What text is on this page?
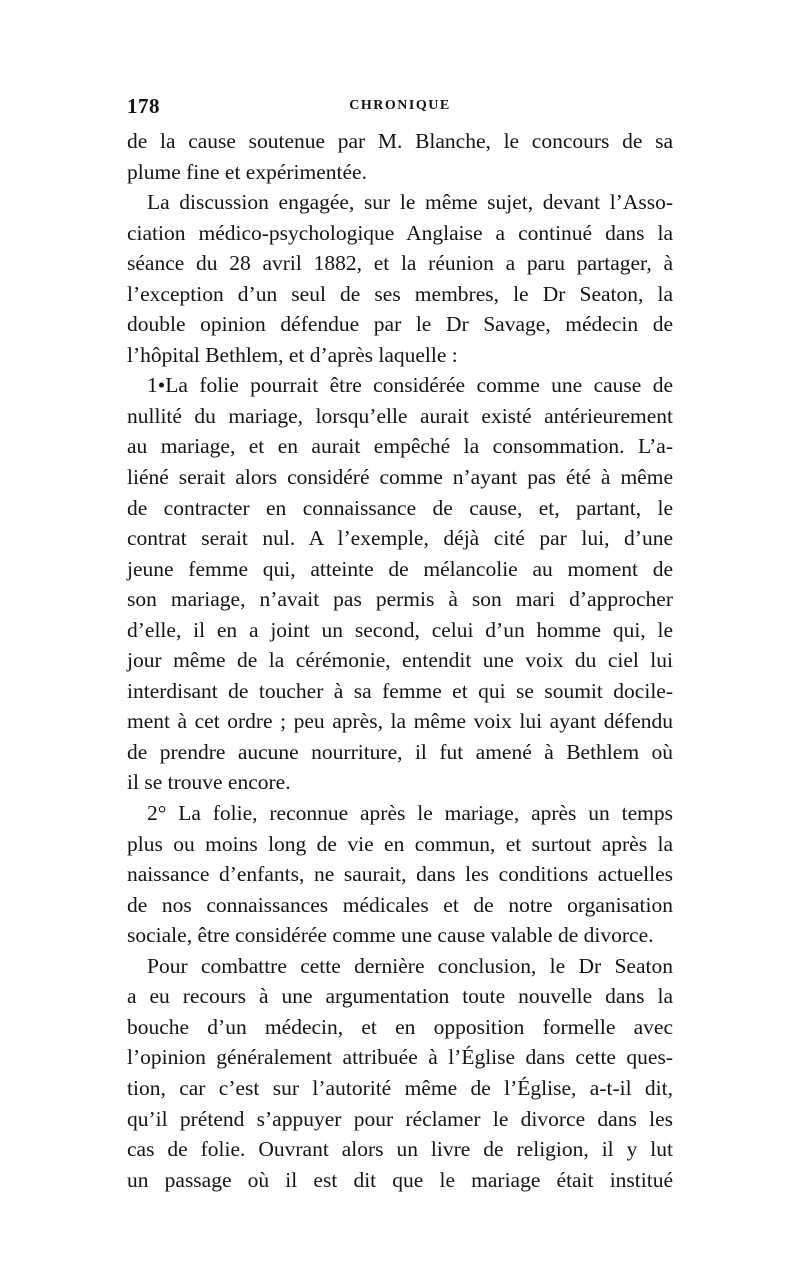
178	CHRONIQUE
de la cause soutenue par M. Blanche, le concours de sa
plume fine et expérimentée.
La discussion engagée, sur le même sujet, devant l’Asso-
ciation médico-psychologique Anglaise a continué dans la
séance du 28 avril 1882, et la réunion a paru partager, à
l’exception d’un seul de ses membres, le Dr Seaton, la
double opinion défendue par le Dr Savage, médecin de
l’hôpital Bethlem, et d’après laquelle :
1•La folie pourrait être considérée comme une cause de
nullité du mariage, lorsqu’elle aurait existé antérieurement
au mariage, et en aurait empêché la consommation. L’a-
liéné serait alors considéré comme n’ayant pas été à même
de contracter en connaissance de cause, et, partant, le
contrat serait nul. A l’exemple, déjà cité par lui, d’une
jeune femme qui, atteinte de mélancolie au moment de
son mariage, n’avait pas permis à son mari d’approcher
d’elle, il en a joint un second, celui d’un homme qui, le
jour même de la cérémonie, entendit une voix du ciel lui
interdisant de toucher à sa femme et qui se soumit docile-
ment à cet ordre ; peu après, la même voix lui ayant défendu
de prendre aucune nourriture, il fut amené à Bethlem où
il se trouve encore.
2° La folie, reconnue après le mariage, après un temps
plus ou moins long de vie en commun, et surtout après la
naissance d’enfants, ne saurait, dans les conditions actuelles
de nos connaissances médicales et de notre organisation
sociale, être considérée comme une cause valable de divorce.
Pour combattre cette dernière conclusion, le Dr Seaton
a eu recours à une argumentation toute nouvelle dans la
bouche d’un médecin, et en opposition formelle avec
l’opinion généralement attribuée à l’Église dans cette ques-
tion, car c’est sur l’autorité même de l’Église, a-t-il dit,
qu’il prétend s’appuyer pour réclamer le divorce dans les
cas de folie. Ouvrant alors un livre de religion, il y lut
un passage où il est dit que le mariage était institué
